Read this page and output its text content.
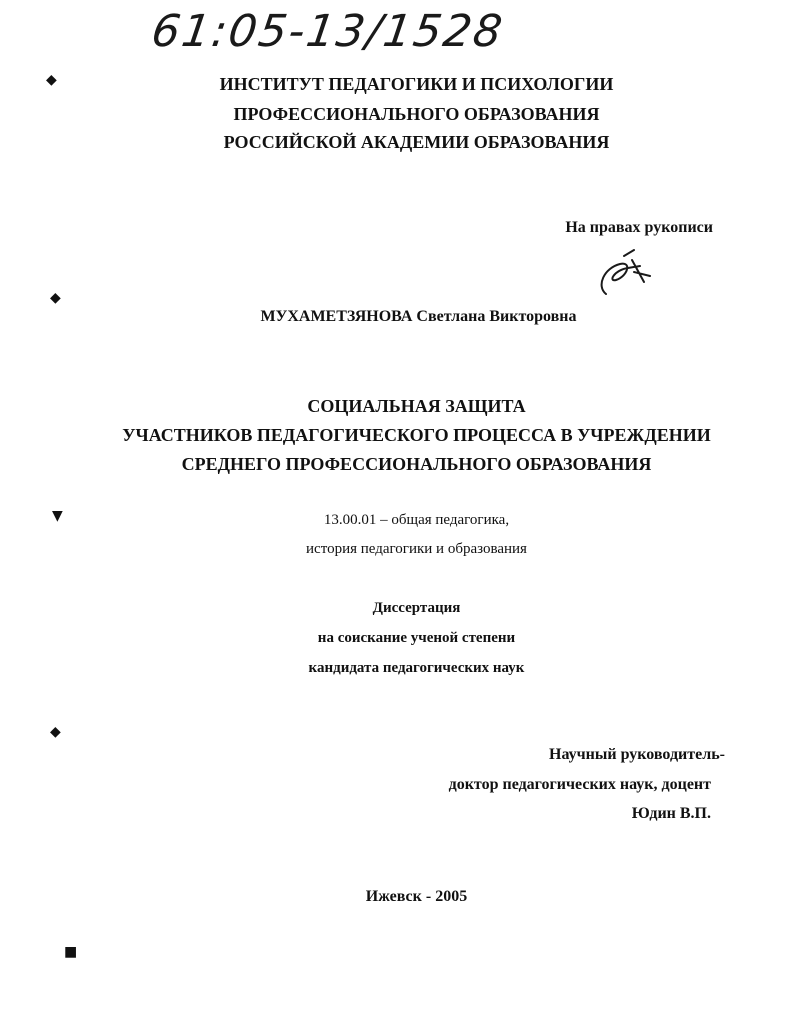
61:05-13/1528
ИНСТИТУТ ПЕДАГОГИКИ И ПСИХОЛОГИИ
ПРОФЕССИОНАЛЬНОГО ОБРАЗОВАНИЯ
РОССИЙСКОЙ АКАДЕМИИ ОБРАЗОВАНИЯ
На правах рукописи
МУХАМЕТЗЯНОВА Светлана Викторовна
СОЦИАЛЬНАЯ ЗАЩИТА
УЧАСТНИКОВ ПЕДАГОГИЧЕСКОГО ПРОЦЕССА В УЧРЕЖДЕНИИ
СРЕДНЕГО ПРОФЕССИОНАЛЬНОГО ОБРАЗОВАНИЯ
13.00.01 – общая педагогика,
история педагогики и образования
Диссертация
на соискание ученой степени
кандидата педагогических наук
Научный руководитель-
доктор педагогических наук, доцент
Юдин В.П.
Ижевск - 2005
◆
◆
▼
◆
■
